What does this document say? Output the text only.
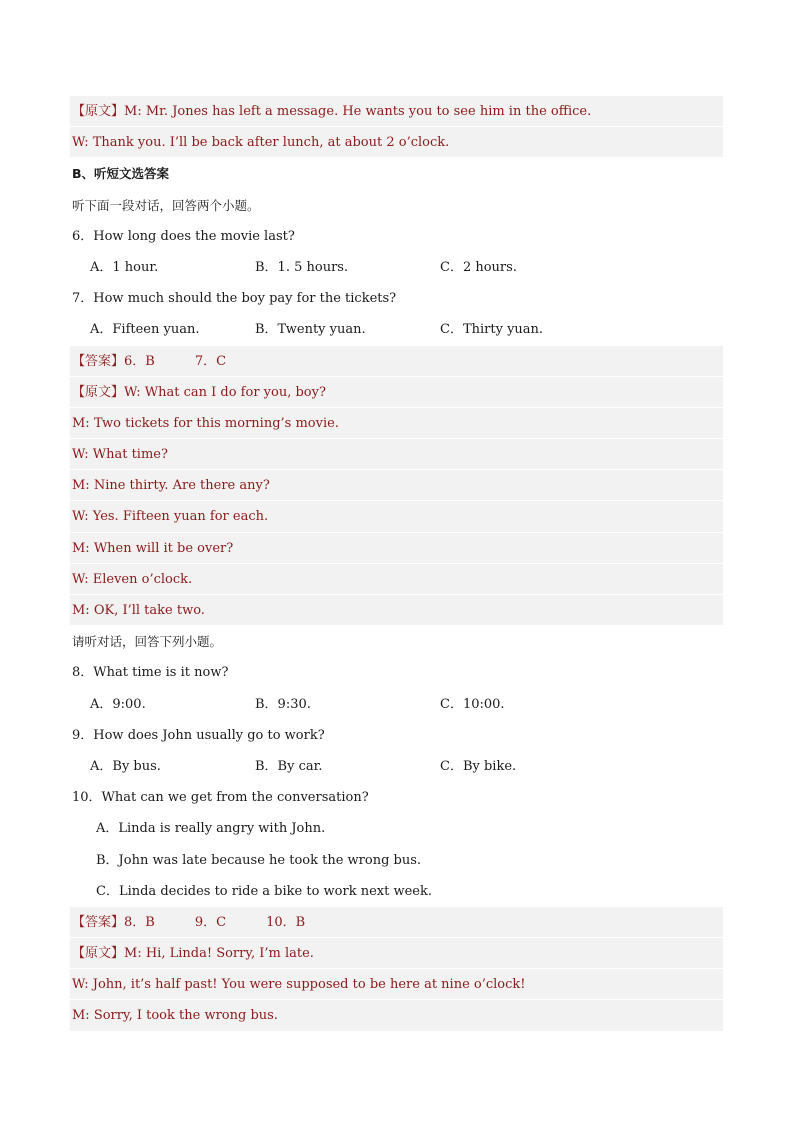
【原文】M: Mr. Jones has left a message. He wants you to see him in the office.
W: Thank you. I’ll be back after lunch, at about 2 o’clock.
B、听短文选答案
听下面一段对话，回答两个小题。
6．How long does the movie last?
A．1 hour.	B．1. 5 hours.	C．2 hours.
7．How much should the boy pay for the tickets?
A．Fifteen yuan.	B．Twenty yuan.	C．Thirty yuan.
【答案】6．B	7．C
【原文】W: What can I do for you, boy?
M: Two tickets for this morning’s movie.
W: What time?
M: Nine thirty. Are there any?
W: Yes. Fifteen yuan for each.
M: When will it be over?
W: Eleven o’clock.
M: OK, I’ll take two.
请听对话，回答下列小题。
8．What time is it now?
A．9:00.	B．9:30.	C．10:00.
9．How does John usually go to work?
A．By bus.	B．By car.	C．By bike.
10．What can we get from the conversation?
A．Linda is really angry with John.
B．John was late because he took the wrong bus.
C．Linda decides to ride a bike to work next week.
【答案】8．B	9．C	10．B
【原文】M: Hi, Linda! Sorry, I’m late.
W: John, it’s half past! You were supposed to be here at nine o’clock!
M: Sorry, I took the wrong bus.
